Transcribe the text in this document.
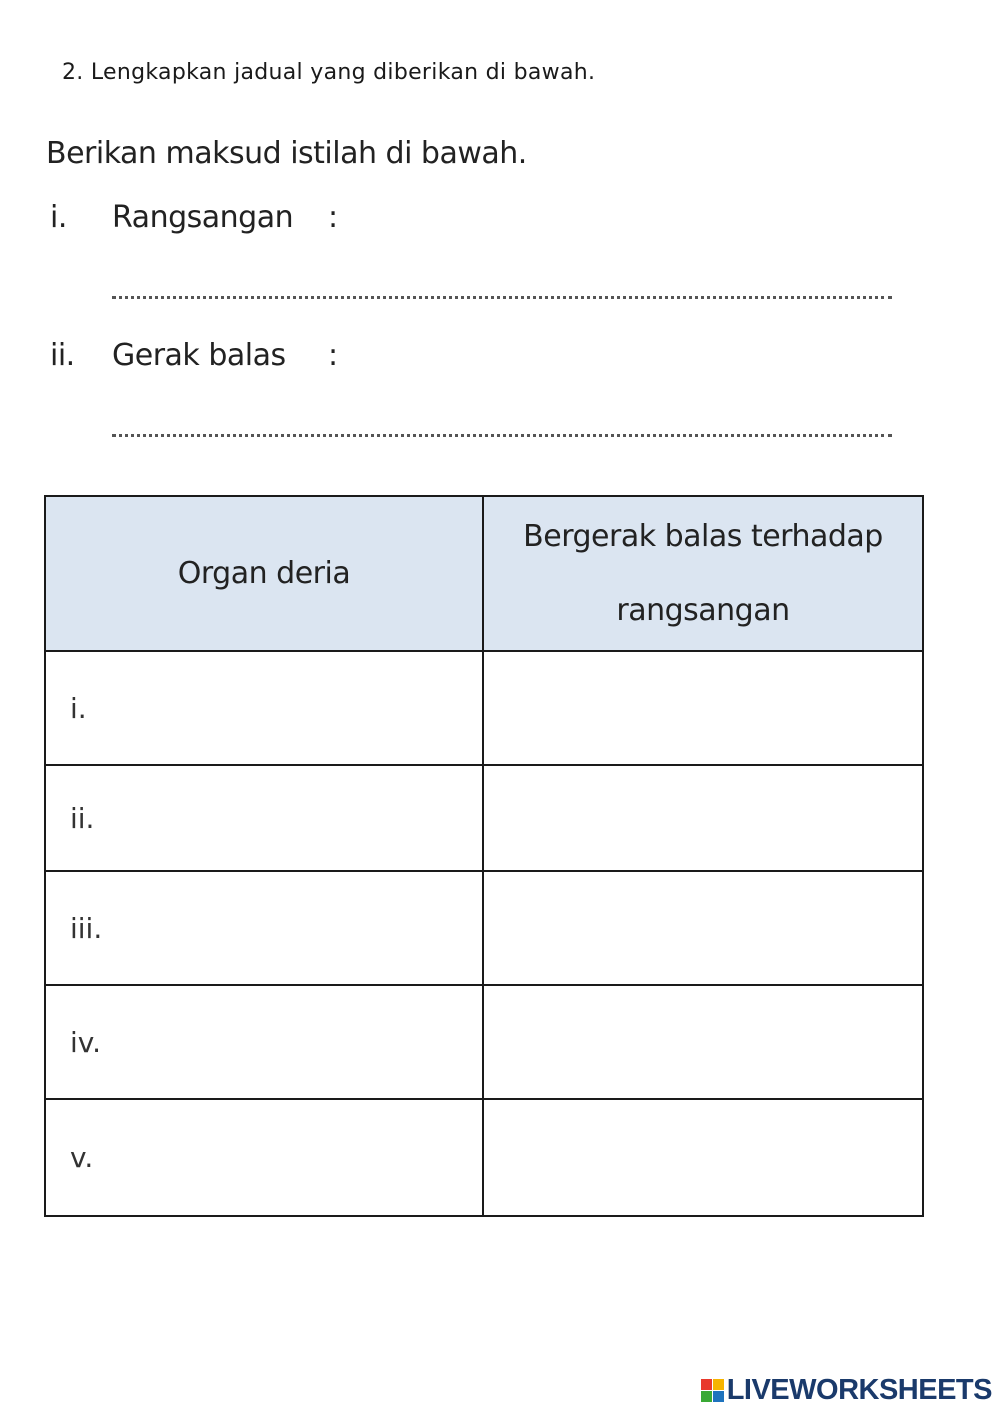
2. Lengkapkan jadual yang diberikan di bawah.
Berikan maksud istilah di bawah.
i.	Rangsangan	:
ii.	Gerak balas	:
Organ deria	Bergerak balas terhadap rangsangan
i.	
ii.	
iii.	
iv.	
v.	
LIVEWORKSHEETS
